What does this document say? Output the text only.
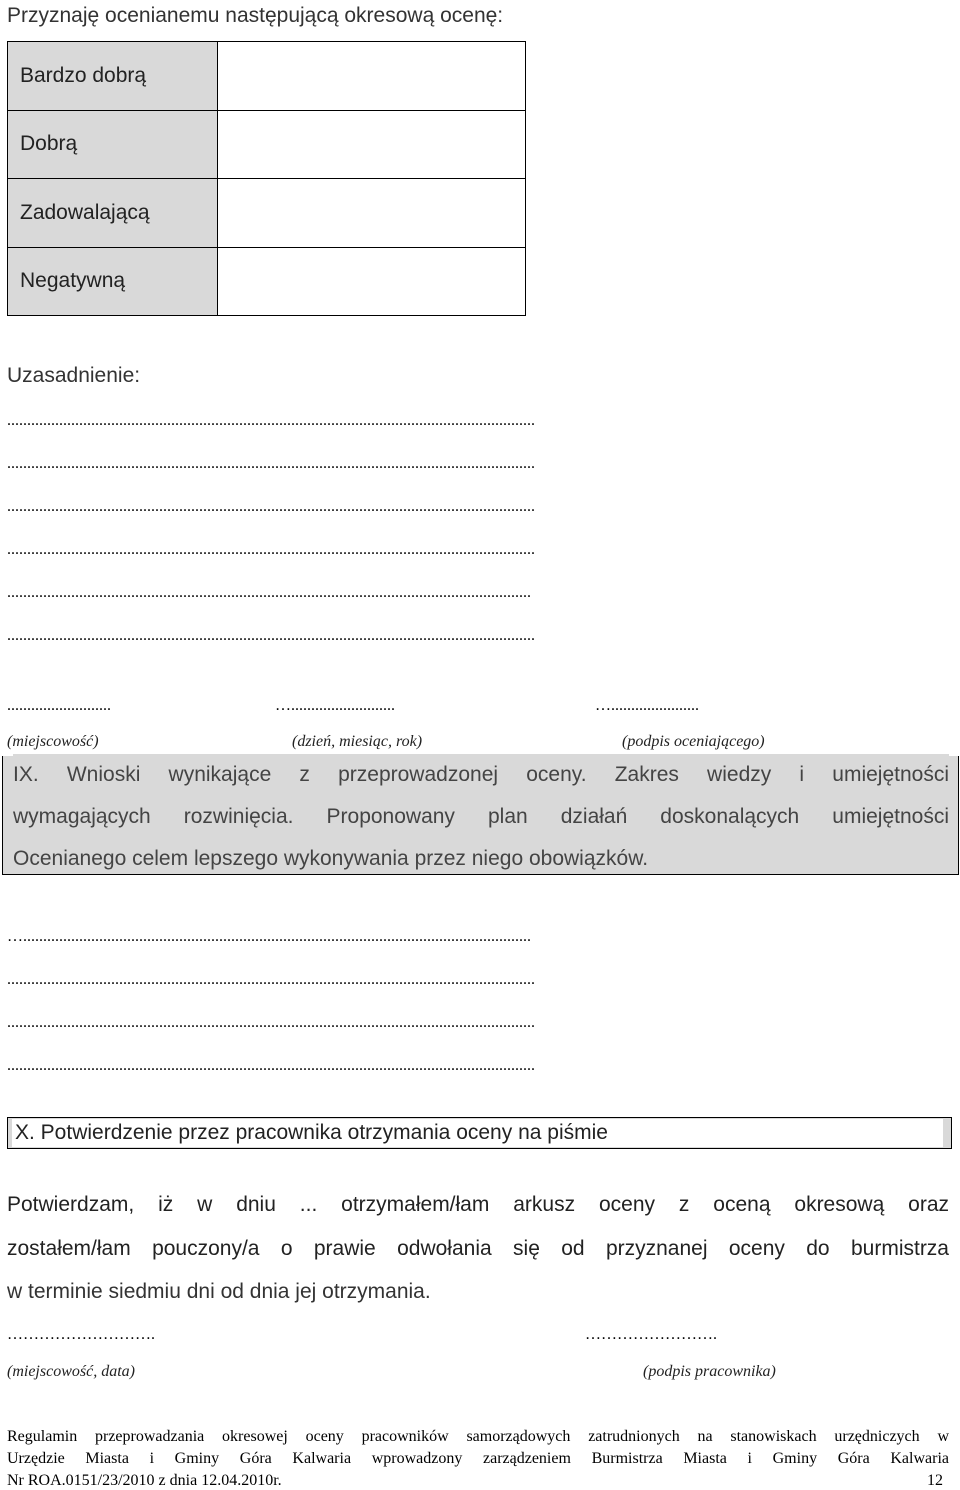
Przyznaję ocenianemu następującą okresową ocenę:
Bardzo dobrą	
Dobrą	
Zadowalającą	
Negatywną	
Uzasadnienie:
....................................................................................................................................
....................................................................................................................................
....................................................................................................................................
....................................................................................................................................
...................................................................................................................................
....................................................................................................................................
..........................	…..........................	…......................
(miejscowość)	(dzień, miesiąc, rok)	(podpis oceniającego)
IX. Wnioski wynikające z przeprowadzonej oceny. Zakres wiedzy i umiejętności
wymagających rozwinięcia. Proponowany plan działań doskonalących umiejętności
Ocenianego celem lepszego wykonywania przez niego obowiązków.
…...............................................................................................................................
....................................................................................................................................
....................................................................................................................................
....................................................................................................................................
X. Potwierdzenie przez pracownika otrzymania oceny na piśmie
Potwierdzam, iż w dniu ... otrzymałem/łam arkusz oceny z oceną okresową oraz
zostałem/łam pouczony/a o prawie odwołania się od przyznanej oceny do burmistrza
w terminie siedmiu dni od dnia jej otrzymania.
……………………….	…………………….
(miejscowość, data)	(podpis pracownika)
Regulamin przeprowadzania okresowej oceny pracowników samorządowych zatrudnionych na stanowiskach urzędniczych w
Urzędzie Miasta i Gminy Góra Kalwaria wprowadzony zarządzeniem Burmistrza Miasta i Gminy Góra Kalwaria
Nr ROA.0151/23/2010 z dnia 12.04.2010r.	12
